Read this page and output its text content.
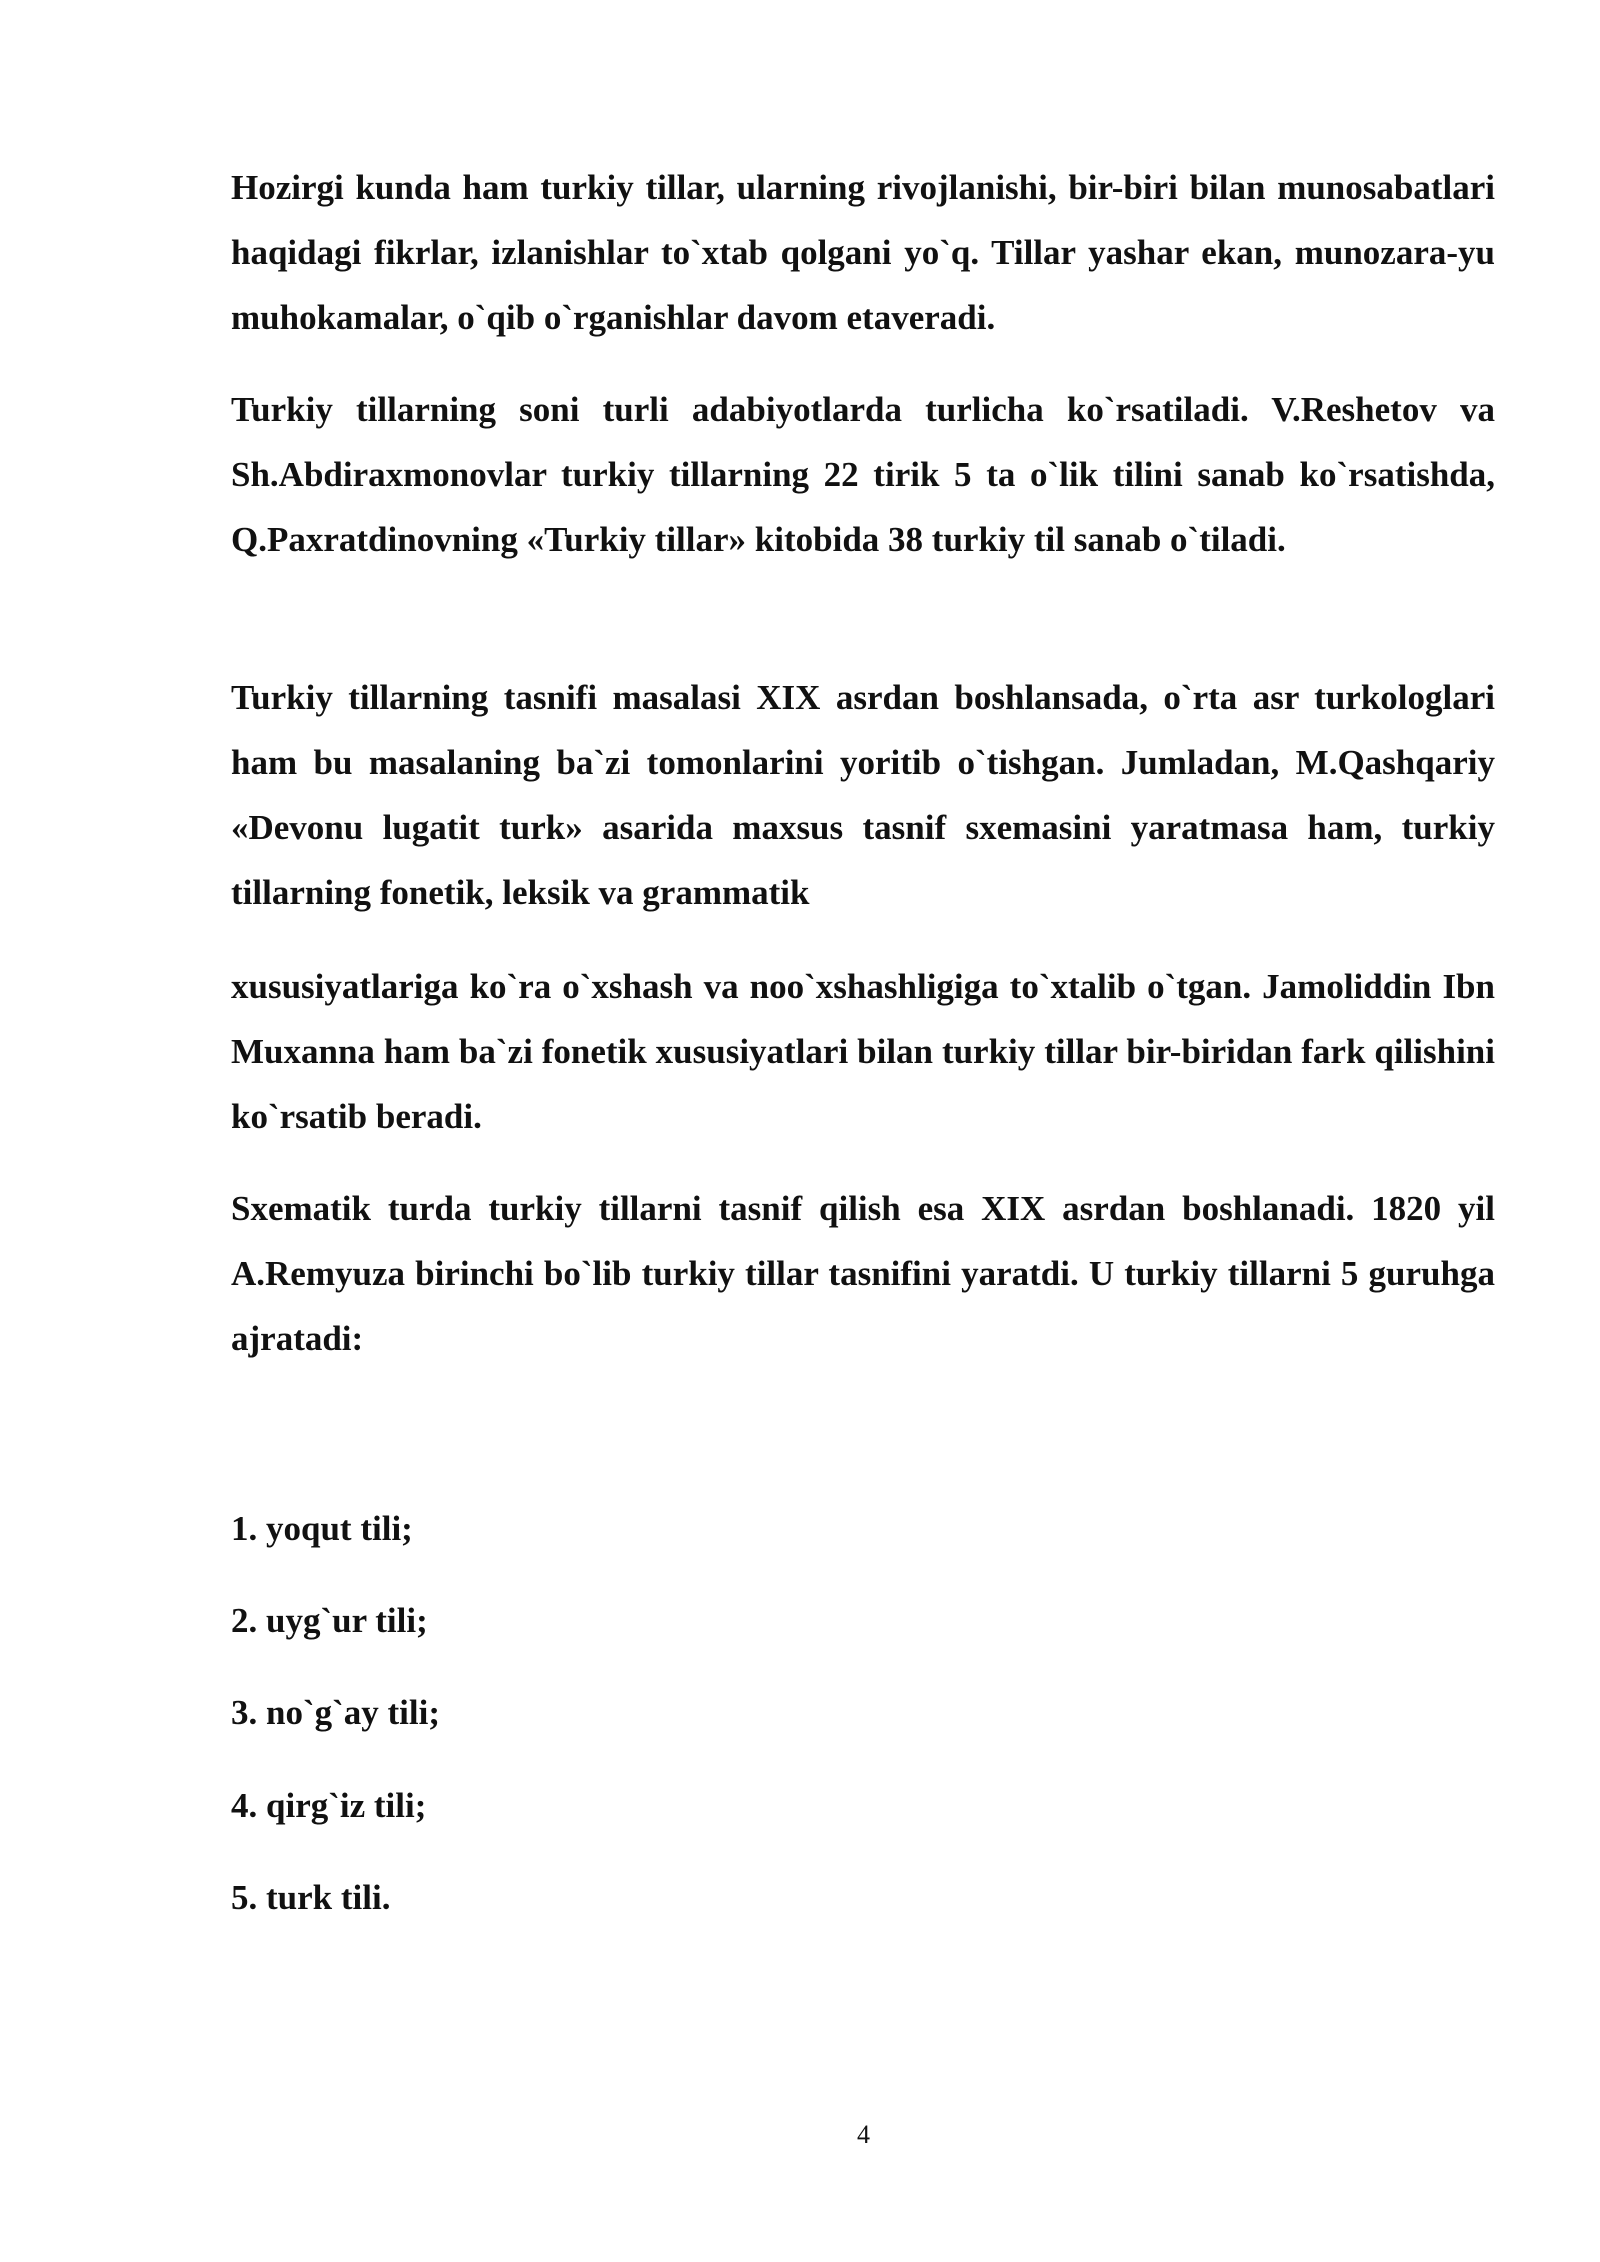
Hozirgi kunda ham turkiy tillar, ularning rivojlanishi, bir-biri bilan munosabatlari haqidagi fikrlar, izlanishlar to`xtab qolgani yo`q. Tillar yashar ekan, munozara-yu muhokamalar, o`qib o`rganishlar davom etaveradi.

Turkiy tillarning soni turli adabiyotlarda turlicha ko`rsatiladi. V.Reshetov va Sh.Abdiraxmonovlar turkiy tillarning 22 tirik 5 ta o`lik tilini sanab ko`rsatishda, Q.Paxratdinovning «Turkiy tillar» kitobida 38 turkiy til sanab o`tiladi.

Turkiy tillarning tasnifi masalasi XIX asrdan boshlansada, o`rta asr turkologlari ham bu masalaning ba`zi tomonlarini yoritib o`tishgan. Jumladan, M.Qashqariy «Devonu lugatit turk» asarida maxsus tasnif sxemasini yaratmasa ham, turkiy tillarning fonetik, leksik va grammatik

xususiyatlariga ko`ra o`xshash va noo`xshashligiga to`xtalib o`tgan. Jamoliddin Ibn Muxanna ham ba`zi fonetik xususiyatlari bilan turkiy tillar bir-biridan fark qilishini ko`rsatib beradi.

Sxematik turda turkiy tillarni tasnif qilish esa XIX asrdan boshlanadi. 1820 yil A.Remyuza birinchi bo`lib turkiy tillar tasnifini yaratdi. U turkiy tillarni 5 guruhga ajratadi:

1. yoqut tili;

2. uyg`ur tili;

3. no`g`ay tili;

4. qirg`iz tili;

5. turk tili.

4
